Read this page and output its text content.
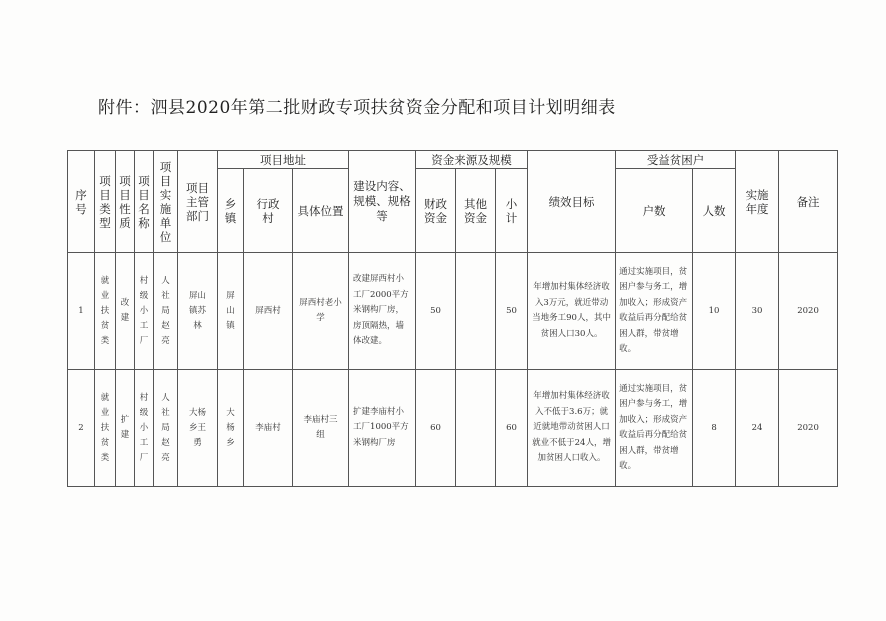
附件：泗县2020年第二批财政专项扶贫资金分配和项目计划明细表
序号	项目类型	项目性质	项目名称	项目实施单位	项目主管部门	项目地址			建设内容、规模、规格等	资金来源及规模			绩效目标	受益贫困户		实施年度	备注

						乡镇	行政村	具体位置		财政资金	其他资金	小计		户数	人数		
1	就业扶贫类	改建	村级小工厂	人社局赵亮	屏山镇苏林	屏山镇	屏西村	屏西村老小学	改建屏西村小工厂2000平方米钢构厂房，房顶隔热，墙体改建。	50		50	年增加村集体经济收入3万元，就近带动当地务工90人，其中贫困人口30人。	通过实施项目，贫困户参与务工，增加收入；形成资产收益后再分配给贫困人群，带贫增收。	10	30	2020
2	就业扶贫类	扩建	村级小工厂	人社局赵亮	大杨乡王勇	大杨乡	李庙村	李庙村三组	扩建李庙村小工厂1000平方米钢构厂房	60		60	年增加村集体经济收入不低于3.6万；就近就地带动贫困人口就业不低于24人，增加贫困人口收入。	通过实施项目，贫困户参与务工，增加收入；形成资产收益后再分配给贫困人群，带贫增收。	8	24	2020
